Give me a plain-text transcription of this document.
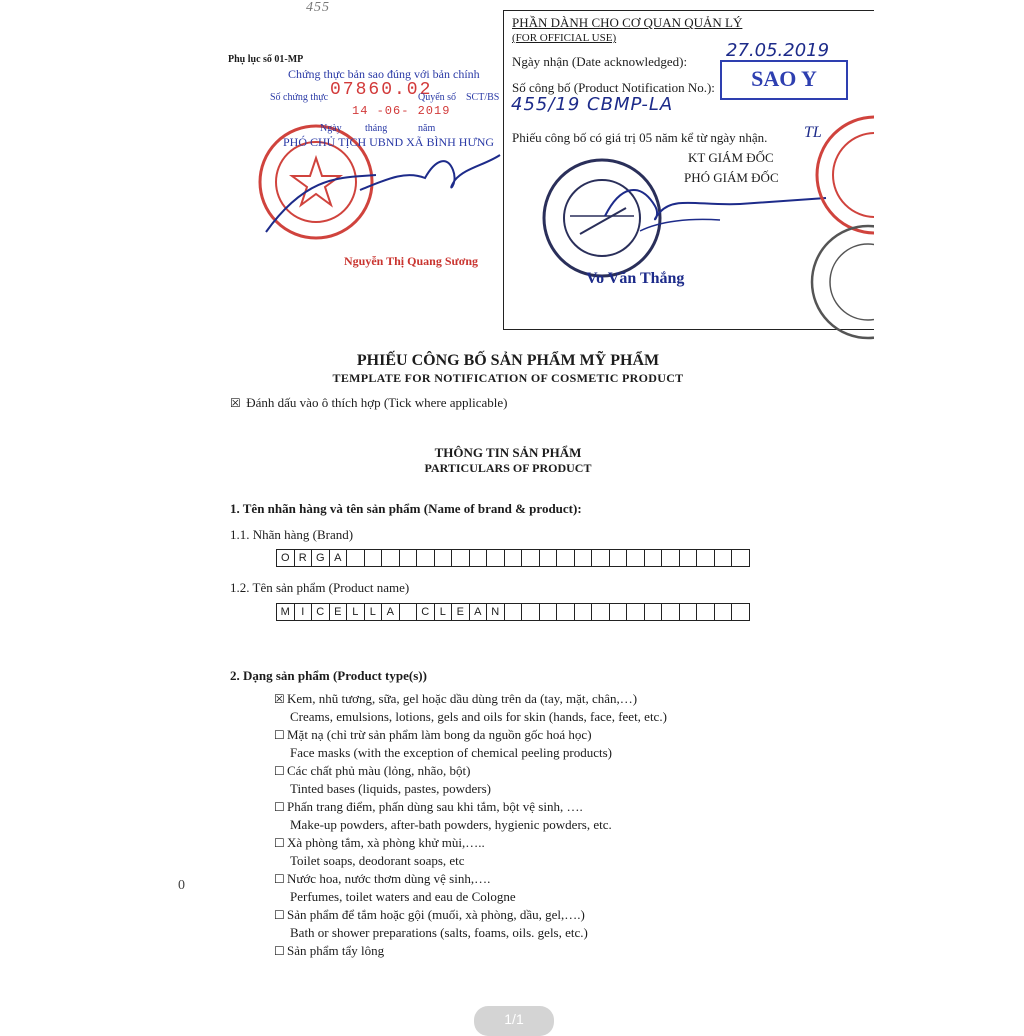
455
Phụ lục số 01-MP
Chứng thực bản sao đúng với bản chính
Số chứng thực 07860.02
Quyển số SCT/BS
14 -06- 2019
Ngày tháng	năm
PHÓ CHỦ TỊCH UBND XÃ BÌNH HƯNG
Nguyễn Thị Quang Sương
PHẦN DÀNH CHO CƠ QUAN QUẢN LÝ
(FOR OFFICIAL USE)
Ngày nhận (Date acknowledged):
27.05.2019
Số công bố (Product Notification No.):
455/19 CBMP-LA
Phiếu công bố có giá trị 05 năm kể từ ngày nhận. TL
KT GIÁM ĐỐC
PHÓ GIÁM ĐỐC
SAO Y
Vo Văn Thắng
PHIẾU CÔNG BỐ SẢN PHẨM MỸ PHẨM
TEMPLATE FOR NOTIFICATION OF COSMETIC PRODUCT
☒ Đánh dấu vào ô thích hợp (Tick where applicable)
THÔNG TIN SẢN PHẨM
PARTICULARS OF PRODUCT
1. Tên nhãn hàng và tên sản phẩm (Name of brand & product):
1.1. Nhãn hàng (Brand)
O R G A
1.2. Tên sản phẩm (Product name)
M	I	C E L	L A	C L E A N
2. Dạng sản phẩm (Product type(s))
☒ Kem, nhũ tương, sữa, gel hoặc dầu dùng trên da (tay, mặt, chân,…)
Creams, emulsions, lotions, gels and oils for skin (hands, face, feet, etc.)
☐ Mặt nạ (chỉ trừ sản phẩm làm bong da nguồn gốc hoá học)
Face masks (with the exception of chemical peeling products)
☐ Các chất phủ màu (lỏng, nhão, bột)
Tinted bases (liquids, pastes, powders)
☐ Phấn trang điểm, phấn dùng sau khi tắm, bột vệ sinh, ….
Make-up powders, after-bath powders, hygienic powders, etc.
☐ Xà phòng tắm, xà phòng khử mùi,…..
Toilet soaps, deodorant soaps, etc
☐ Nước hoa, nước thơm dùng vệ sinh,….
Perfumes, toilet waters and eau de Cologne
☐ Sản phẩm để tắm hoặc gội (muối, xà phòng, dầu, gel,….)
Bath or shower preparations (salts, foams, oils. gels, etc.)
☐ Sản phẩm tẩy lông
0
1/1
